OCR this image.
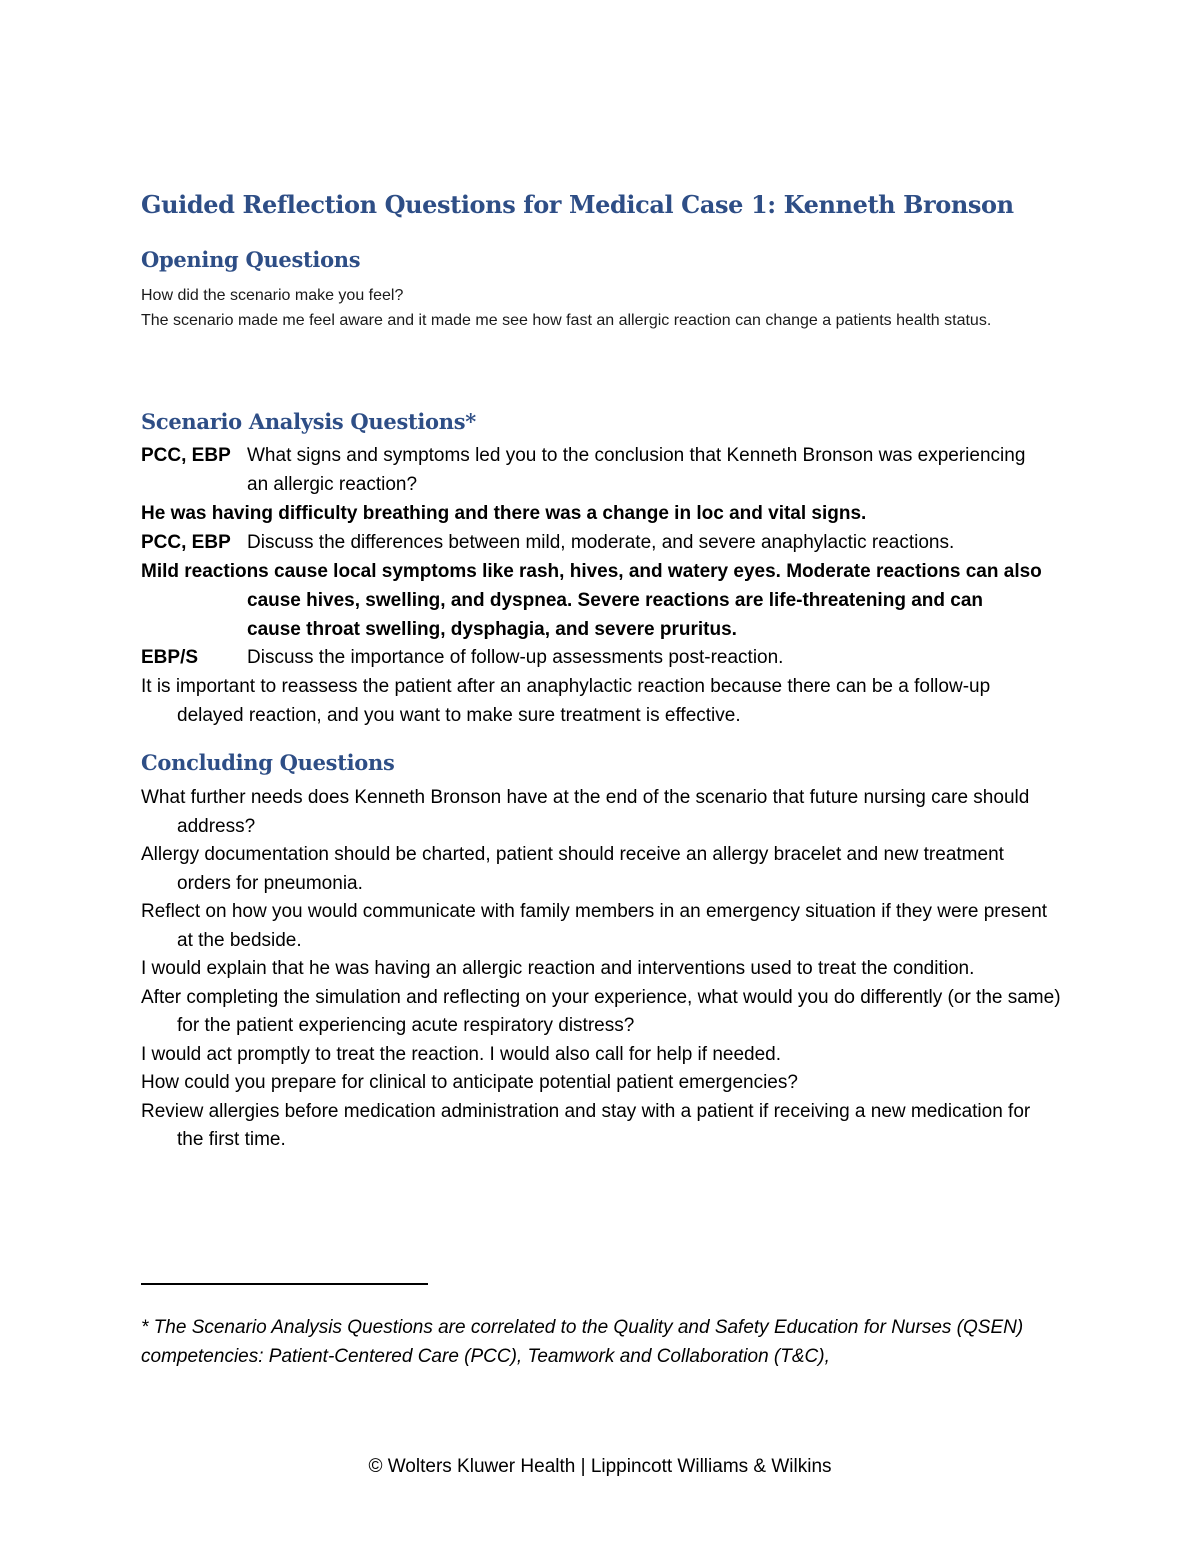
Guided Reflection Questions for Medical Case 1: Kenneth Bronson
Opening Questions
How did the scenario make you feel?

The scenario made me feel aware and it made me see how fast an allergic reaction can change a patients health status.

Scenario Analysis Questions*

PCC, EBP What signs and symptoms led you to the conclusion that Kenneth Bronson was experiencing an allergic reaction?

He was having difficulty breathing and there was a change in loc and vital signs.

PCC, EBP Discuss the differences between mild, moderate, and severe anaphylactic reactions.

Mild reactions cause local symptoms like rash, hives, and watery eyes. Moderate reactions can also cause hives, swelling, and dyspnea. Severe reactions are life-threatening and can cause throat swelling, dysphagia, and severe pruritus.

EBP/S	Discuss the importance of follow-up assessments post-reaction.

It is important to reassess the patient after an anaphylactic reaction because there can be a follow-up delayed reaction, and you want to make sure treatment is effective.

Concluding Questions

What further needs does Kenneth Bronson have at the end of the scenario that future nursing care should address?

Allergy documentation should be charted, patient should receive an allergy bracelet and new treatment orders for pneumonia.

Reflect on how you would communicate with family members in an emergency situation if they were present at the bedside.

I would explain that he was having an allergic reaction and interventions used to treat the condition.

After completing the simulation and reflecting on your experience, what would you do differently (or the same) for the patient experiencing acute respiratory distress?

I would act promptly to treat the reaction. I would also call for help if needed.

How could you prepare for clinical to anticipate potential patient emergencies?

Review allergies before medication administration and stay with a patient if receiving a new medication for the first time.

* The Scenario Analysis Questions are correlated to the Quality and Safety Education for Nurses (QSEN) competencies: Patient-Centered Care (PCC), Teamwork and Collaboration (T&C),

© Wolters Kluwer Health | Lippincott Williams & Wilkins
